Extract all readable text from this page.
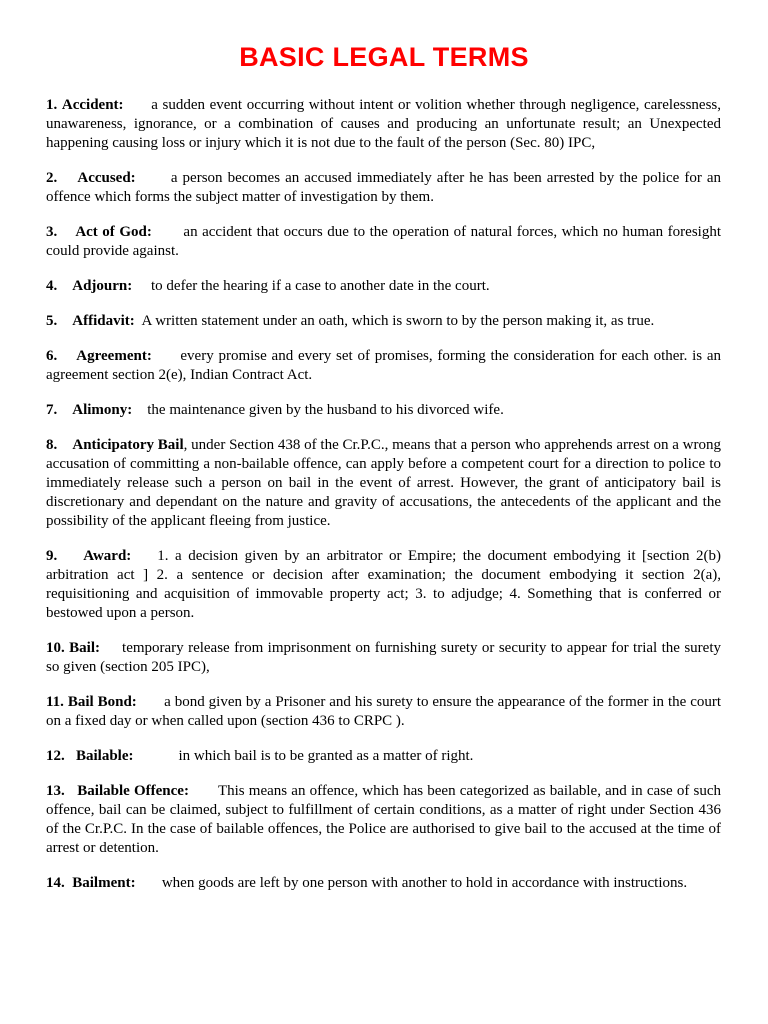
BASIC LEGAL TERMS

1. Accident: a sudden event occurring without intent or volition whether through negligence, carelessness, unawareness, ignorance, or a combination of causes and producing an unfortunate result; an Unexpected happening causing loss or injury which it is not due to the fault of the person (Sec. 80) IPC,

2. Accused: a person becomes an accused immediately after he has been arrested by the police for an offence which forms the subject matter of investigation by them.

3. Act of God: an accident that occurs due to the operation of natural forces, which no human foresight could provide against.

4. Adjourn: to defer the hearing if a case to another date in the court.

5. Affidavit: A written statement under an oath, which is sworn to by the person making it, as true.

6. Agreement: every promise and every set of promises, forming the consideration for each other. is an agreement section 2(e), Indian Contract Act.

7. Alimony: the maintenance given by the husband to his divorced wife.

8. Anticipatory Bail, under Section 438 of the Cr.P.C., means that a person who apprehends arrest on a wrong accusation of committing a non-bailable offence, can apply before a competent court for a direction to police to immediately release such a person on bail in the event of arrest. However, the grant of anticipatory bail is discretionary and dependant on the nature and gravity of accusations, the antecedents of the applicant and the possibility of the applicant fleeing from justice.

9. Award: 1. a decision given by an arbitrator or Empire; the document embodying it [section 2(b) arbitration act ] 2. a sentence or decision after examination; the document embodying it section 2(a), requisitioning and acquisition of immovable property act; 3. to adjudge; 4. Something that is conferred or bestowed upon a person.

10. Bail: temporary release from imprisonment on furnishing surety or security to appear for trial the surety so given (section 205 IPC),

11. Bail Bond: a bond given by a Prisoner and his surety to ensure the appearance of the former in the court on a fixed day or when called upon (section 436 to CRPC ).

12. Bailable:	in which bail is to be granted as a matter of right.

13. Bailable Offence: This means an offence, which has been categorized as bailable, and in case of such offence, bail can be claimed, subject to fulfillment of certain conditions, as a matter of right under Section 436 of the Cr.P.C. In the case of bailable offences, the Police are authorised to give bail to the accused at the time of arrest or detention.

14. Bailment: when goods are left by one person with another to hold in accordance with instructions.
